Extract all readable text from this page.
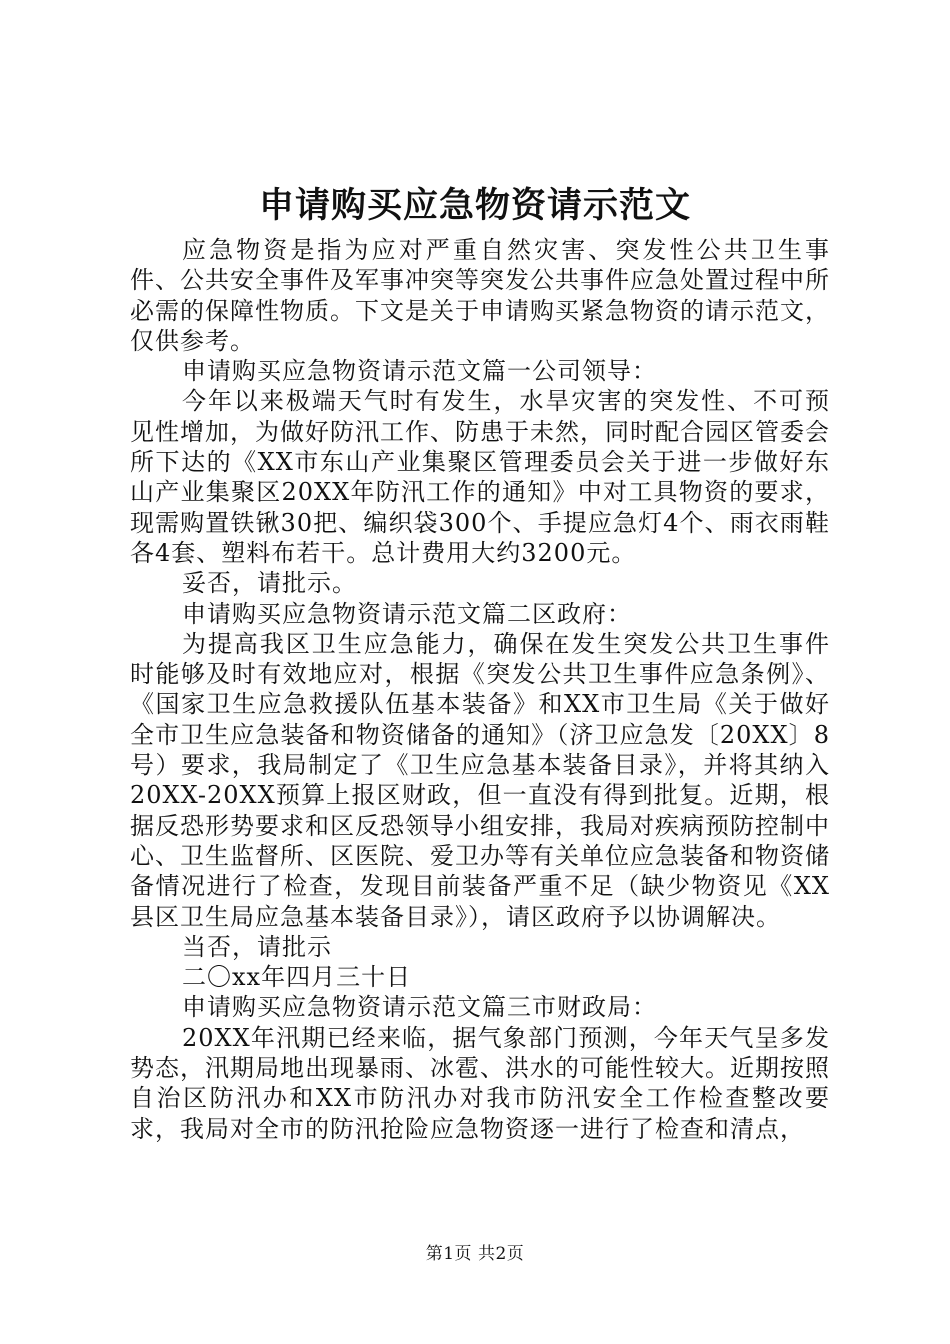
申请购买应急物资请示范文

应急物资是指为应对严重自然灾害、突发性公共卫生事件、公共安全事件及军事冲突等突发公共事件应急处置过程中所必需的保障性物质。下文是关于申请购买紧急物资的请示范文，仅供参考。

申请购买应急物资请示范文篇一公司领导：

今年以来极端天气时有发生，水旱灾害的突发性、不可预见性增加，为做好防汛工作、防患于未然，同时配合园区管委会所下达的《XX市东山产业集聚区管理委员会关于进一步做好东山产业集聚区20XX年防汛工作的通知》中对工具物资的要求，现需购置铁锹30把、编织袋300个、手提应急灯4个、雨衣雨鞋各4套、塑料布若干。总计费用大约3200元。

妥否，请批示。

申请购买应急物资请示范文篇二区政府：

为提高我区卫生应急能力，确保在发生突发公共卫生事件时能够及时有效地应对，根据《突发公共卫生事件应急条例》、《国家卫生应急救援队伍基本装备》和XX市卫生局《关于做好全市卫生应急装备和物资储备的通知》（济卫应急发〔20XX〕8号）要求，我局制定了《卫生应急基本装备目录》，并将其纳入20XX-20XX预算上报区财政，但一直没有得到批复。近期，根据反恐形势要求和区反恐领导小组安排，我局对疾病预防控制中心、卫生监督所、区医院、爱卫办等有关单位应急装备和物资储备情况进行了检查，发现目前装备严重不足（缺少物资见《XX县区卫生局应急基本装备目录》），请区政府予以协调解决。

当否，请批示

二〇xx年四月三十日

申请购买应急物资请示范文篇三市财政局：

20XX年汛期已经来临，据气象部门预测，今年天气呈多发势态，汛期局地出现暴雨、冰雹、洪水的可能性较大。近期按照自治区防汛办和XX市防汛办对我市防汛安全工作检查整改要求，我局对全市的防汛抢险应急物资逐一进行了检查和清点，

第1页 共2页
